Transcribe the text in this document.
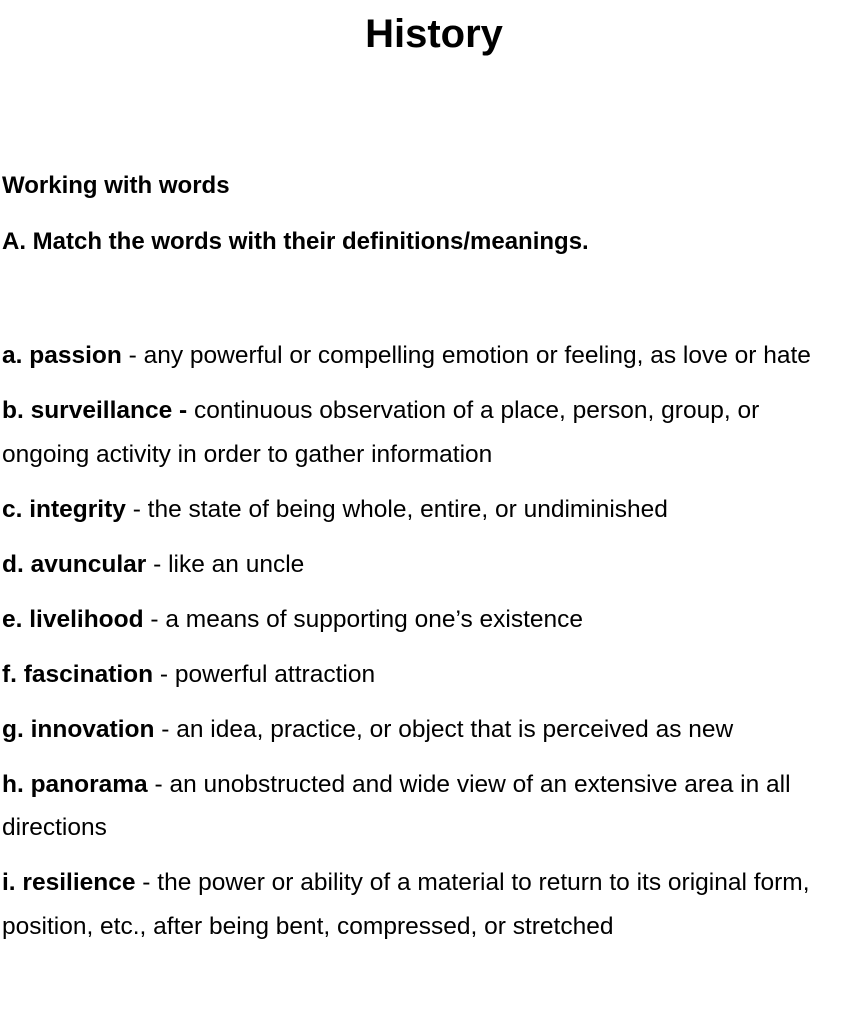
History
Working with words

A. Match the words with their definitions/meanings.

a. passion - any powerful or compelling emotion or feeling, as love or hate
b. surveillance - continuous observation of a place, person, group, or ongoing activity in order to gather information
c. integrity - the state of being whole, entire, or undiminished
d. avuncular - like an uncle
e. livelihood - a means of supporting one’s existence
f. fascination - powerful attraction
g. innovation - an idea, practice, or object that is perceived as new
h. panorama - an unobstructed and wide view of an extensive area in all directions
i. resilience - the power or ability of a material to return to its original form, position, etc., after being bent, compressed, or stretched
